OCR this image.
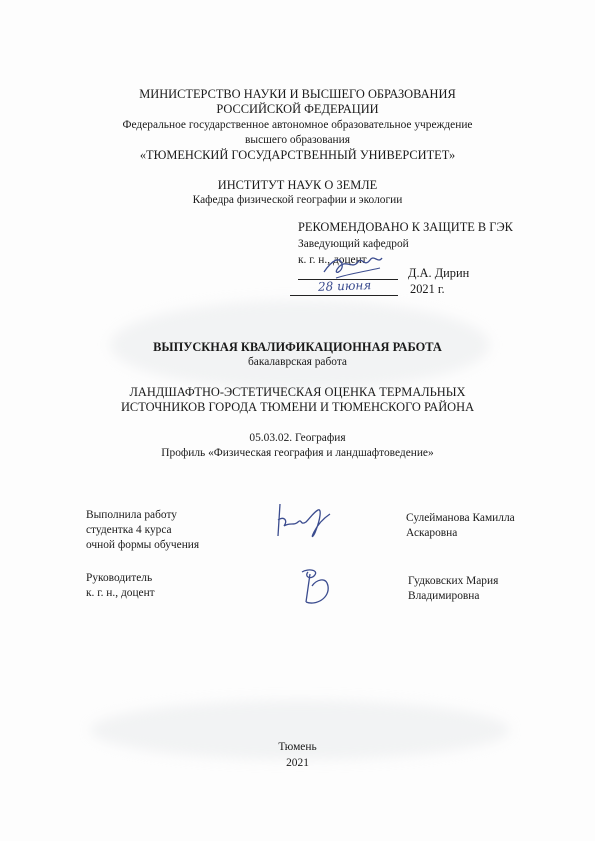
МИНИСТЕРСТВО НАУКИ И ВЫСШЕГО ОБРАЗОВАНИЯ
РОССИЙСКОЙ ФЕДЕРАЦИИ
Федеральное государственное автономное образовательное учреждение
высшего образования
«ТЮМЕНСКИЙ ГОСУДАРСТВЕННЫЙ УНИВЕРСИТЕТ»
ИНСТИТУТ НАУК О ЗЕМЛЕ
Кафедра физической географии и экологии
РЕКОМЕНДОВАНО К ЗАЩИТЕ В ГЭК
Заведующий кафедрой
к. г. н., доцент
Д.А. Дирин
2021 г.
28 июня
ВЫПУСКНАЯ КВАЛИФИКАЦИОННАЯ РАБОТА
бакалаврская работа
ЛАНДШАФТНО-ЭСТЕТИЧЕСКАЯ ОЦЕНКА ТЕРМАЛЬНЫХ
ИСТОЧНИКОВ ГОРОДА ТЮМЕНИ И ТЮМЕНСКОГО РАЙОНА
05.03.02. География
Профиль «Физическая география и ландшафтоведение»
Выполнила работу
студентка 4 курса
очной формы обучения
Сулейманова Камилла
Аскаровна
Руководитель
к. г. н., доцент
Гудковских Мария
Владимировна
Тюмень
2021
